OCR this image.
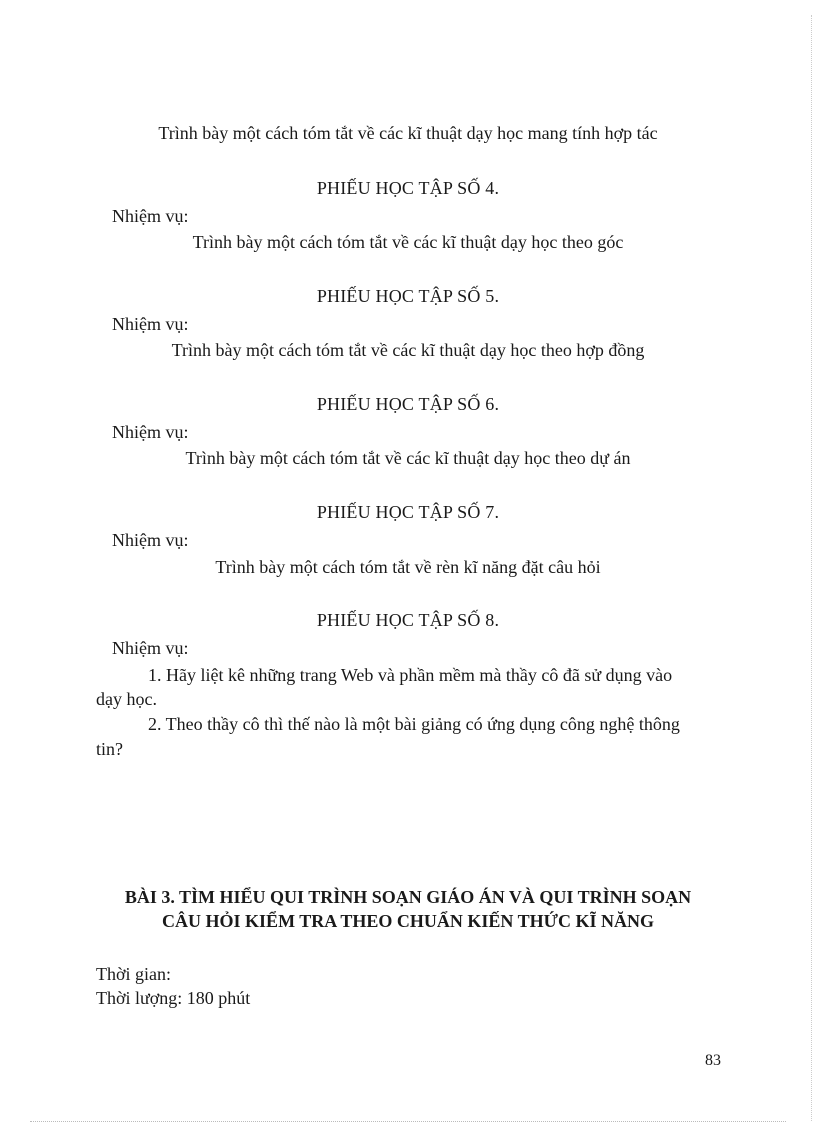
Trình bày một cách tóm tắt về các kĩ thuật dạy học mang tính hợp tác
PHIẾU HỌC TẬP SỐ 4.
Nhiệm vụ:
Trình bày một cách tóm tắt về các kĩ thuật dạy học theo góc
PHIẾU HỌC TẬP SỐ 5.
Nhiệm vụ:
Trình bày một cách tóm tắt về các kĩ thuật dạy học theo hợp đồng
PHIẾU HỌC TẬP SỐ 6.
Nhiệm vụ:
Trình bày một cách tóm tắt về các kĩ thuật dạy học theo dự án
PHIẾU HỌC TẬP SỐ 7.
Nhiệm vụ:
Trình bày một cách tóm tắt về rèn kĩ năng đặt câu hỏi
PHIẾU HỌC TẬP SỐ 8.
Nhiệm vụ:
1. Hãy liệt kê những trang Web và phần mềm mà thầy cô đã sử dụng vào
dạy học.
2. Theo thầy cô thì thế nào là một bài giảng có ứng dụng công nghệ thông
tin?
BÀI 3. TÌM HIỂU QUI TRÌNH SOẠN GIÁO ÁN VÀ QUI TRÌNH SOẠN
CÂU HỎI KIỂM TRA THEO CHUẨN KIẾN THỨC KĨ NĂNG
Thời gian:
Thời lượng: 180 phút
83
